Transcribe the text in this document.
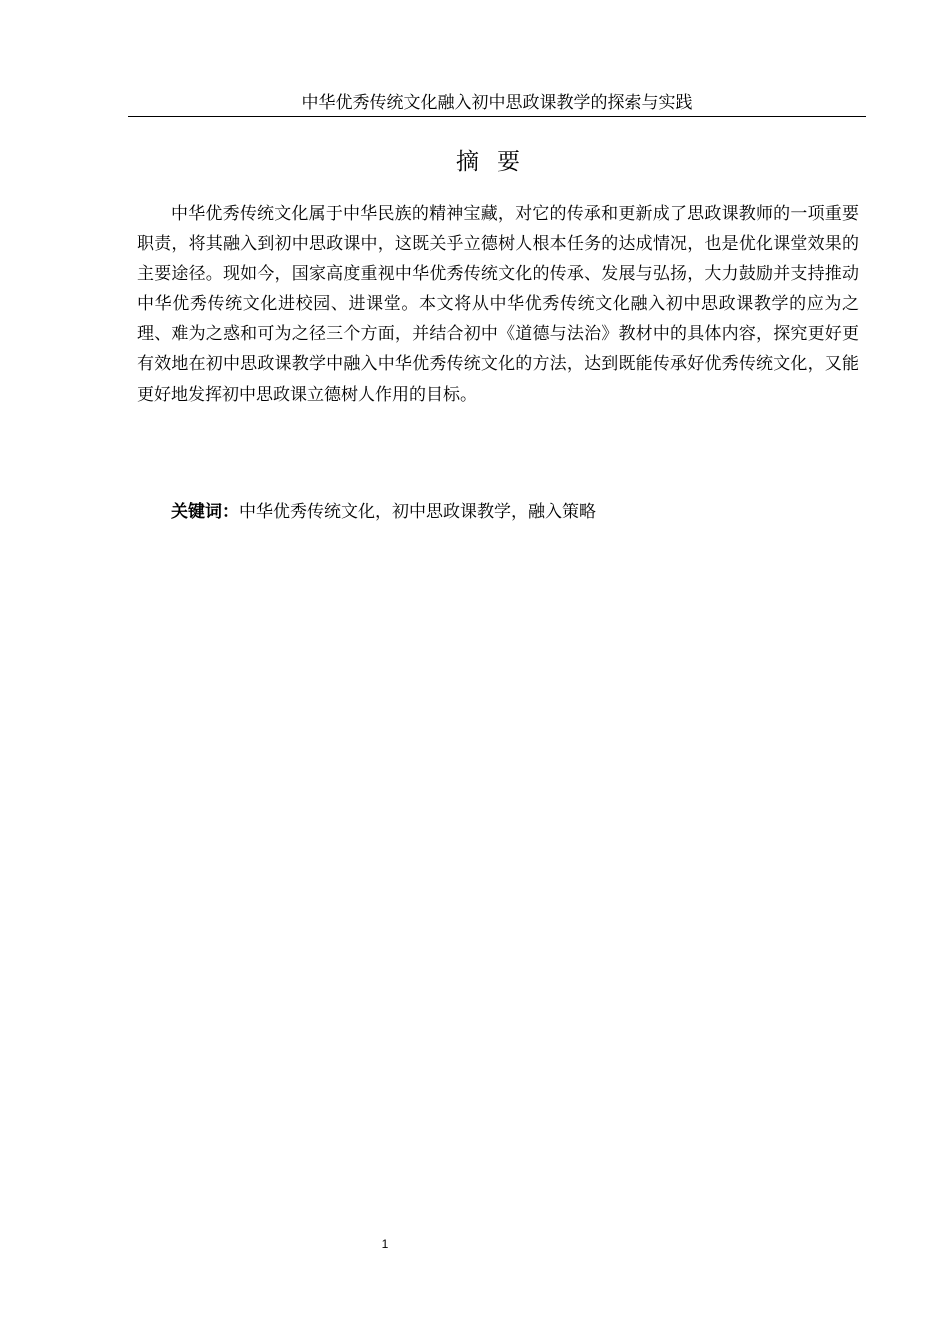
中华优秀传统文化融入初中思政课教学的探索与实践
摘要

中华优秀传统文化属于中华民族的精神宝藏，对它的传承和更新成了思政课教师的一项重要职责，将其融入到初中思政课中，这既关乎立德树人根本任务的达成情况，也是优化课堂效果的主要途径。现如今，国家高度重视中华优秀传统文化的传承、发展与弘扬，大力鼓励并支持推动中华优秀传统文化进校园、进课堂。本文将从中华优秀传统文化融入初中思政课教学的应为之理、难为之惑和可为之径三个方面，并结合初中《道德与法治》教材中的具体内容，探究更好更有效地在初中思政课教学中融入中华优秀传统文化的方法，达到既能传承好优秀传统文化，又能更好地发挥初中思政课立德树人作用的目标。

关键词：中华优秀传统文化，初中思政课教学，融入策略

1
